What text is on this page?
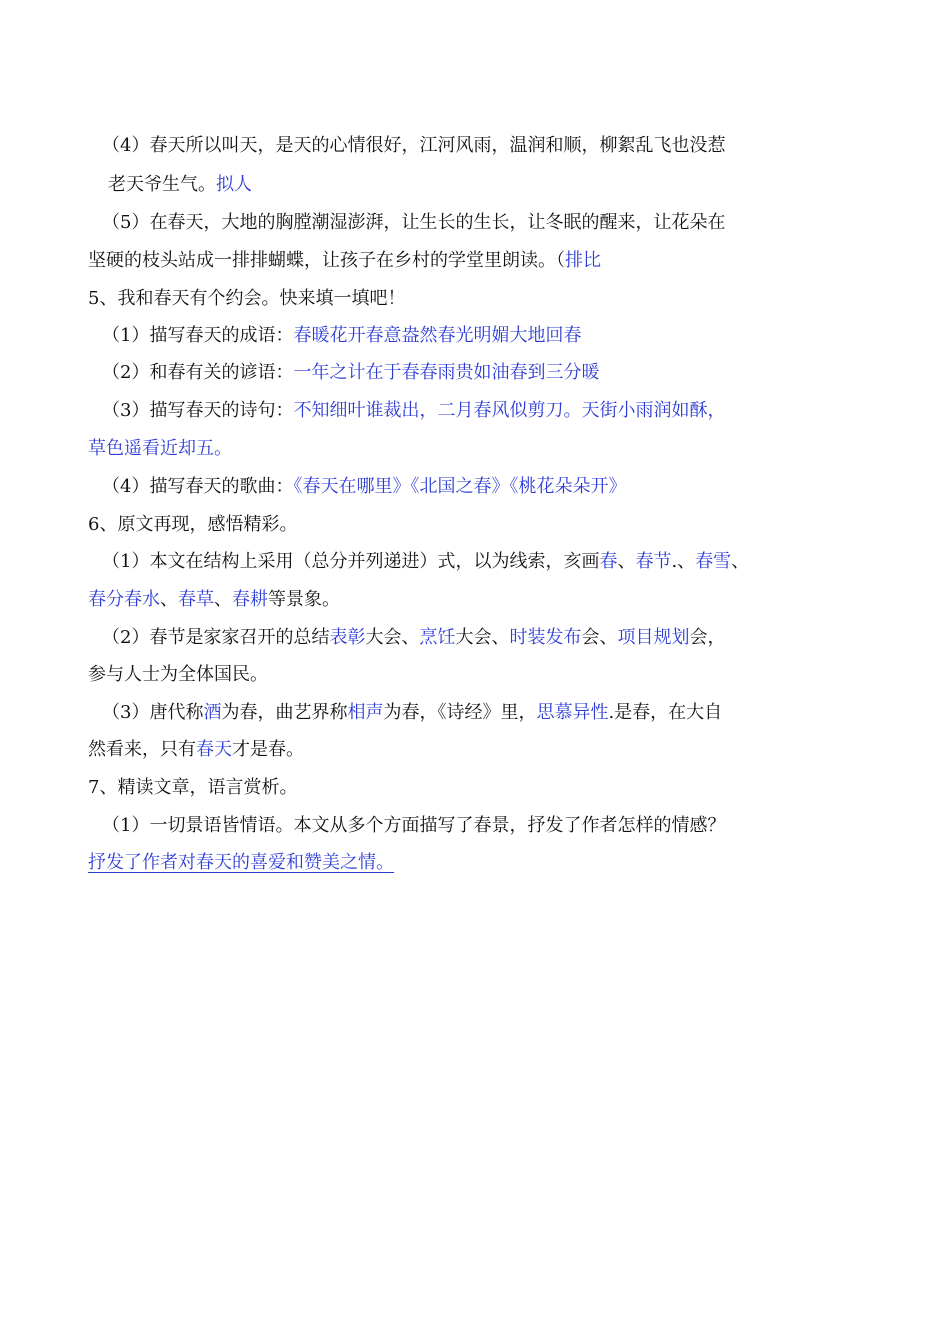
（4）春天所以叫天，是天的心情很好，江河风雨，温润和顺，柳絮乱飞也没惹
老天爷生气。拟人
（5）在春天，大地的胸膛潮湿澎湃，让生长的生长，让冬眠的醒来，让花朵在
坚硬的枝头站成一排排蝴蝶，让孩子在乡村的学堂里朗读。（排比
5、我和春天有个约会。快来填一填吧！
（1）描写春天的成语：春暖花开春意盎然春光明媚大地回春
（2）和春有关的谚语：一年之计在于春春雨贵如油春到三分暖
（3）描写春天的诗句：不知细叶谁裁出，二月春风似剪刀。天街小雨润如酥，
草色遥看近却五。
（4）描写春天的歌曲：《春天在哪里》《北国之春》《桃花朵朵开》
6、原文再现，感悟精彩。
（1）本文在结构上采用（总分并列递进）式，以为线索，亥画春、春节.、春雪、
春分春水、春草、春耕等景象。
（2）春节是家家召开的总结表彰大会、烹饪大会、时装发布会、项目规划会，
参与人士为全体国民。
（3）唐代称酒为春，曲艺界称相声为春，《诗经》里，思慕异性.是春，在大自
然看来，只有春天才是春。
7、精读文章，语言赏析。
（1）一切景语皆情语。本文从多个方面描写了春景，抒发了作者怎样的情感？
抒发了作者对春天的喜爱和赞美之情。
